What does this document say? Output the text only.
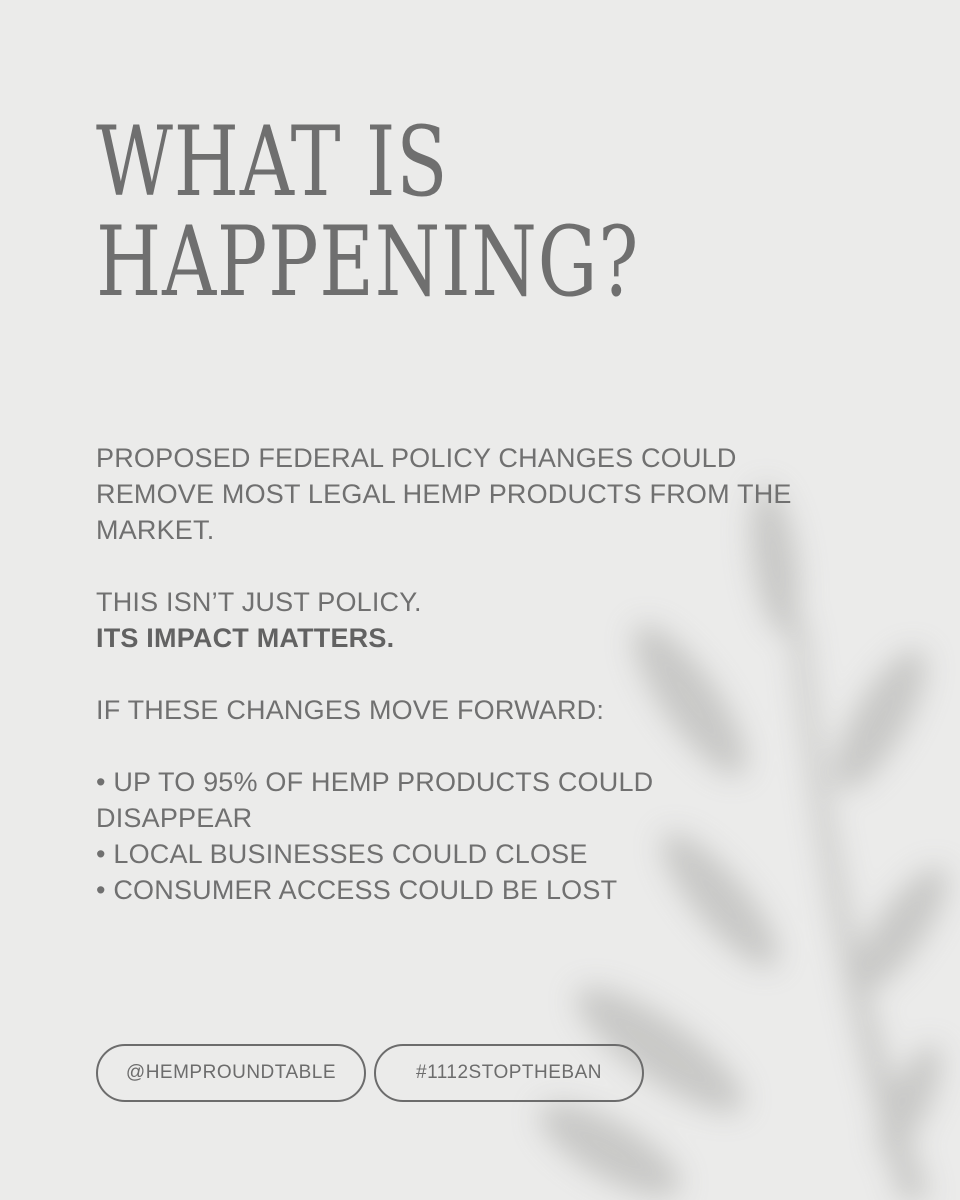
WHAT IS
HAPPENING?

PROPOSED FEDERAL POLICY CHANGES COULD REMOVE MOST LEGAL HEMP PRODUCTS FROM THE MARKET.

THIS ISN’T JUST POLICY.

ITS IMPACT MATTERS.

IF THESE CHANGES MOVE FORWARD:

• UP TO 95% OF HEMP PRODUCTS COULD DISAPPEAR

• LOCAL BUSINESSES COULD CLOSE

• CONSUMER ACCESS COULD BE LOST

@HEMPROUNDTABLE	#1112STOPTHEBAN
